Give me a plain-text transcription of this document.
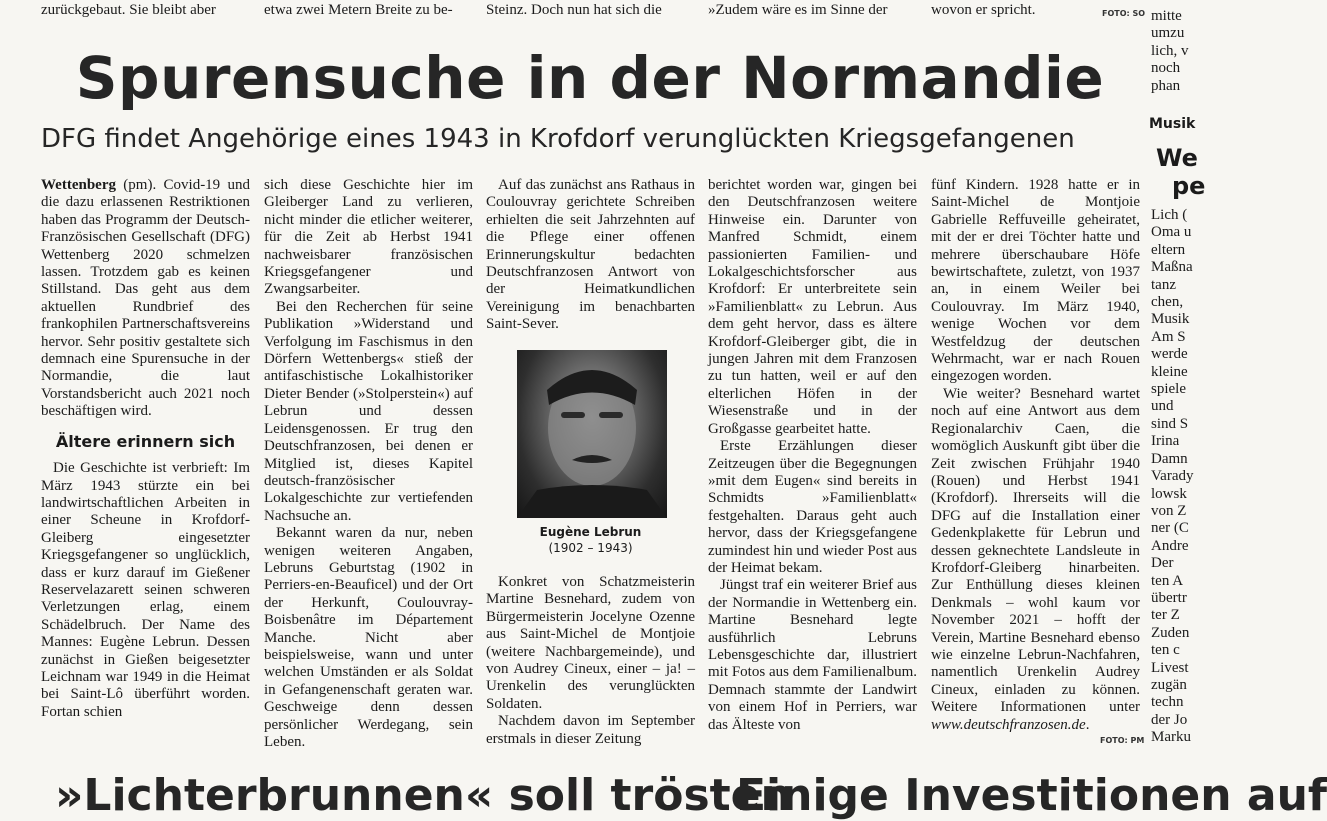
zurückgebaut. Sie bleibt aber	etwa zwei Metern Breite zu be- Steinz. Doch nun hat sich die	»Zudem wäre es im Sinne der	wovon er spricht.	FOTO: SO
Spurensuche in der Normandie
DFG findet Angehörige eines 1943 in Krofdorf verunglückten Kriegsgefangenen

Wettenberg (pm). Covid-19 und die dazu erlassenen Restriktionen haben das Programm der Deutsch-Französischen Gesellschaft (DFG) Wettenberg 2020 schmelzen lassen. Trotzdem gab es keinen Stillstand. Das geht aus dem aktuellen Rundbrief des frankophilen Partnerschaftsvereins hervor. Sehr positiv gestaltete sich demnach eine Spurensuche in der Normandie, die laut Vorstandsbericht auch 2021 noch beschäftigen wird.

Ältere erinnern sich

Die Geschichte ist verbrieft: Im März 1943 stürzte ein bei landwirtschaftlichen Arbeiten in einer Scheune in Krofdorf-Gleiberg eingesetzter Kriegsgefangener so unglücklich, dass er kurz darauf im Gießener Reservelazarett seinen schweren Verletzungen erlag, einem Schädelbruch. Der Name des Mannes: Eugène Lebrun. Dessen zunächst in Gießen beigesetzter Leichnam war 1949 in die Heimat bei Saint-Lô überführt worden. Fortan schien

sich diese Geschichte hier im Gleiberger Land zu verlieren, nicht minder die etlicher weiterer, für die Zeit ab Herbst 1941 nachweisbarer französischen Kriegsgefangener und Zwangsarbeiter.

Bei den Recherchen für seine Publikation »Widerstand und Verfolgung im Faschismus in den Dörfern Wettenbergs« stieß der antifaschistische Lokalhistoriker Dieter Bender (»Stolperstein«) auf Lebrun und dessen Leidensgenossen. Er trug den Deutschfranzosen, bei denen er Mitglied ist, dieses Kapitel deutsch-französischer Lokalgeschichte zur vertiefenden Nachsuche an.

Bekannt waren da nur, neben wenigen weiteren Angaben, Lebruns Geburtstag (1902 in Perriers-en-Beauficel) und der Ort der Herkunft, Coulouvray-Boisbenâtre im Département Manche. Nicht aber beispielsweise, wann und unter welchen Umständen er als Soldat in Gefangenenschaft geraten war. Geschweige denn dessen persönlicher Werdegang, sein Leben.

Auf das zunächst ans Rathaus in Coulouvray gerichtete Schreiben erhielten die seit Jahrzehnten auf die Pflege einer offenen Erinnerungskultur bedachten Deutschfranzosen Antwort von der Heimatkundlichen Vereinigung im benachbarten Saint-Sever.

Eugène Lebrun
(1902 – 1943)

Konkret von Schatzmeisterin Martine Besnehard, zudem von Bürgermeisterin Jocelyne Ozenne aus Saint-Michel de Montjoie (weitere Nachbargemeinde), und von Audrey Cineux, einer – ja! – Urenkelin des verunglückten Soldaten.

Nachdem davon im September erstmals in dieser Zeitung

berichtet worden war, gingen bei den Deutschfranzosen weitere Hinweise ein. Darunter von Manfred Schmidt, einem passionierten Familien- und Lokalgeschichtsforscher aus Krofdorf: Er unterbreitete sein »Familienblatt« zu Lebrun. Aus dem geht hervor, dass es ältere Krofdorf-Gleiberger gibt, die in jungen Jahren mit dem Franzosen zu tun hatten, weil er auf den elterlichen Höfen in der Wiesenstraße und in der Großgasse gearbeitet hatte.

Erste Erzählungen dieser Zeitzeugen über die Begegnungen »mit dem Eugen« sind bereits in Schmidts »Familienblatt« festgehalten. Daraus geht auch hervor, dass der Kriegsgefangene zumindest hin und wieder Post aus der Heimat bekam.

Jüngst traf ein weiterer Brief aus der Normandie in Wettenberg ein. Martine Besnehard legte ausführlich Lebruns Lebensgeschichte dar, illustriert mit Fotos aus dem Familienalbum. Demnach stammte der Landwirt von einem Hof in Perriers, war das Älteste von

fünf Kindern. 1928 hatte er in Saint-Michel de Montjoie Gabrielle Reffuveille geheiratet, mit der er drei Töchter hatte und mehrere überschaubare Höfe bewirtschaftete, zuletzt, von 1937 an, in einem Weiler bei Coulouvray. Im März 1940, wenige Wochen vor dem Westfeldzug der deutschen Wehrmacht, war er nach Rouen eingezogen worden.

Wie weiter? Besnehard wartet noch auf eine Antwort aus dem Regionalarchiv Caen, die womöglich Auskunft gibt über die Zeit zwischen Frühjahr 1940 (Rouen) und Herbst 1941 (Krofdorf). Ihrerseits will die DFG auf die Installation einer Gedenkplakette für Lebrun und dessen geknechtete Landsleute in Krofdorf-Gleiberg hinarbeiten. Zur Enthüllung dieses kleinen Denkmals – wohl kaum vor November 2021 – hofft der Verein, Martine Besnehard ebenso wie einzelne Lebrun-Nachfahren, namentlich Urenkelin Audrey Cineux, einladen zu können. Weitere Informationen unter www.deutschfranzosen.de.

FOTO: PM
mitte
umzu
lich, v
noch
phan
Musik
We
pe
Lich (
Oma u
eltern
Maßna
tanz
chen,
Musik
Am S
werde
kleine
spiele
und
sind S
Irina
Damn
Varady
lowsk
von Z
ner (C
Andre
Der
ten A
übertr
ter Z
Zuden
ten c
Livest
zugän
techn
der Jo
Marku
»Lichterbrunnen« soll trösten
Einige Investitionen auf
